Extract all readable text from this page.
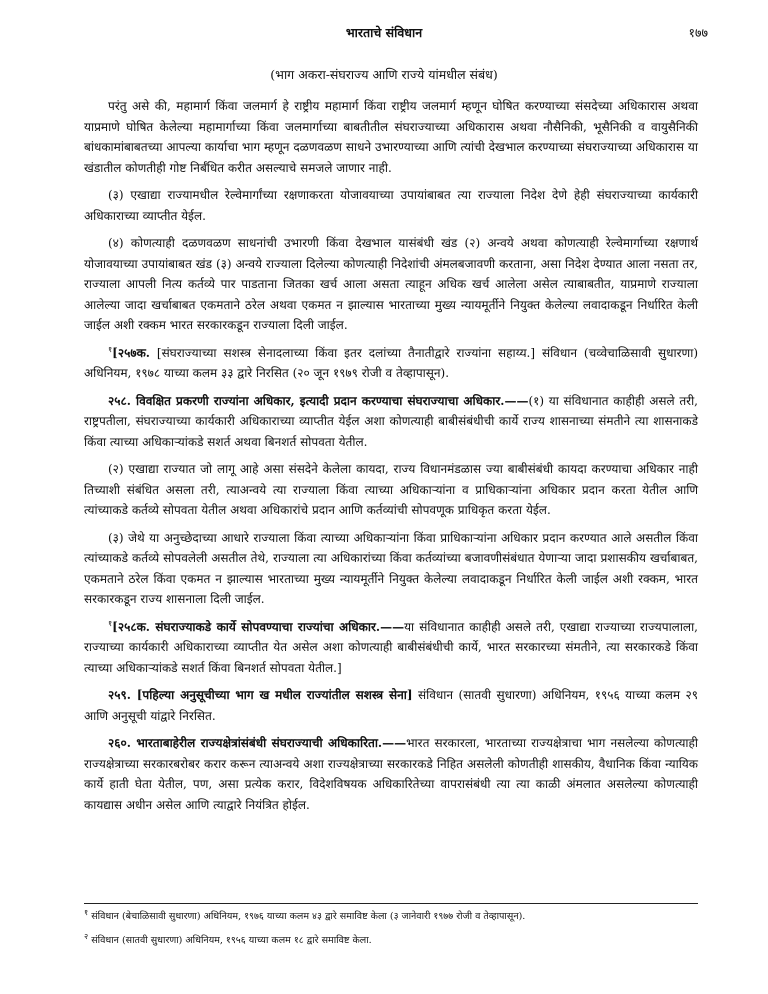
भारताचे संविधान	१७७
(भाग अकरा-संघराज्य आणि राज्ये यांमधील संबंध)

परंतु असे की, महामार्ग किंवा जलमार्ग हे राष्ट्रीय महामार्ग किंवा राष्ट्रीय जलमार्ग म्हणून घोषित करण्याच्या संसदेच्या अधिकारास अथवा याप्रमाणे घोषित केलेल्या महामार्गाच्या किंवा जलमार्गाच्या बाबतीतील संघराज्याच्या अधिकारास अथवा नौसैनिकी, भूसैनिकी व वायुसैनिकी बांधकामांबाबतच्या आपल्या कार्याचा भाग म्हणून दळणवळण साधने उभारण्याच्या आणि त्यांची देखभाल करण्याच्या संघराज्याच्या अधिकारास या खंडातील कोणतीही गोष्ट निर्बंधित करीत असल्याचे समजले जाणार नाही.

(३) एखाद्या राज्यामधील रेल्वेमार्गांच्या रक्षणाकरता योजावयाच्या उपायांबाबत त्या राज्याला निदेश देणे हेही संघराज्याच्या कार्यकारी अधिकाराच्या व्याप्तीत येईल.

(४) कोणत्याही दळणवळण साधनांची उभारणी किंवा देखभाल यासंबंधी खंड (२) अन्वये अथवा कोणत्याही रेल्वेमार्गाच्या रक्षणार्थ योजावयाच्या उपायांबाबत खंड (३) अन्वये राज्याला दिलेल्या कोणत्याही निदेशांची अंमलबजावणी करताना, असा निदेश देण्यात आला नसता तर, राज्याला आपली नित्य कर्तव्ये पार पाडताना जितका खर्च आला असता त्याहून अधिक खर्च आलेला असेल त्याबाबतीत, याप्रमाणे राज्याला आलेल्या जादा खर्चाबाबत एकमताने ठरेल अथवा एकमत न झाल्यास भारताच्या मुख्य न्यायमूर्तीने नियुक्त केलेल्या लवादाकडून निर्धारित केली जाईल अशी रक्कम भारत सरकारकडून राज्याला दिली जाईल.

$^१$[२५७क. [संघराज्याच्या सशस्त्र सेनादलाच्या किंवा इतर दलांच्या तैनातीद्वारे राज्यांना सहाय्य.] संविधान (चव्वेचाळिसावी सुधारणा) अधिनियम, १९७८ याच्या कलम ३३ द्वारे निरसित (२० जून १९७९ रोजी व तेव्हापासून).

२५८. विवक्षित प्रकरणी राज्यांना अधिकार, इत्यादी प्रदान करण्याचा संघराज्याचा अधिकार.——(१) या संविधानात काहीही असले तरी, राष्ट्रपतीला, संघराज्याच्या कार्यकारी अधिकाराच्या व्याप्तीत येईल अशा कोणत्याही बाबीसंबंधीची कार्ये राज्य शासनाच्या संमतीने त्या शासनाकडे किंवा त्याच्या अधिकाऱ्यांकडे सशर्त अथवा बिनशर्त सोपवता येतील.

(२) एखाद्या राज्यात जो लागू आहे असा संसदेने केलेला कायदा, राज्य विधानमंडळास ज्या बाबीसंबंधी कायदा करण्याचा अधिकार नाही तिच्याशी संबंधित असला तरी, त्याअन्वये त्या राज्याला किंवा त्याच्या अधिकाऱ्यांना व प्राधिकाऱ्यांना अधिकार प्रदान करता येतील आणि त्यांच्याकडे कर्तव्ये सोपवता येतील अथवा अधिकारांचे प्रदान आणि कर्तव्यांची सोपवणूक प्राधिकृत करता येईल.

(३) जेथे या अनुच्छेदाच्या आधारे राज्याला किंवा त्याच्या अधिकाऱ्यांना किंवा प्राधिकाऱ्यांना अधिकार प्रदान करण्यात आले असतील किंवा त्यांच्याकडे कर्तव्ये सोपवलेली असतील तेथे, राज्याला त्या अधिकारांच्या किंवा कर्तव्यांच्या बजावणीसंबंधात येणाऱ्या जादा प्रशासकीय खर्चाबाबत, एकमताने ठरेल किंवा एकमत न झाल्यास भारताच्या मुख्य न्यायमूर्तीने नियुक्त केलेल्या लवादाकडून निर्धारित केली जाईल अशी रक्कम, भारत सरकारकडून राज्य शासनाला दिली जाईल.

$^१$[२५८क. संघराज्याकडे कार्ये सोपवण्याचा राज्यांचा अधिकार.——या संविधानात काहीही असले तरी, एखाद्या राज्याच्या राज्यपालाला, राज्याच्या कार्यकारी अधिकाराच्या व्याप्तीत येत असेल अशा कोणत्याही बाबीसंबंधीची कार्ये, भारत सरकारच्या संमतीने, त्या सरकारकडे किंवा त्याच्या अधिकाऱ्यांकडे सशर्त किंवा बिनशर्त सोपवता येतील.]

२५९. [पहिल्या अनुसूचीच्या भाग ख मधील राज्यांतील सशस्त्र सेना] संविधान (सातवी सुधारणा) अधिनियम, १९५६ याच्या कलम २९ आणि अनुसूची यांद्वारे निरसित.

२६०. भारताबाहेरील राज्यक्षेत्रांसंबंधी संघराज्याची अधिकारिता.——भारत सरकारला, भारताच्या राज्यक्षेत्राचा भाग नसलेल्या कोणत्याही राज्यक्षेत्राच्या सरकारबरोबर करार करून त्याअन्वये अशा राज्यक्षेत्राच्या सरकारकडे निहित असलेली कोणतीही शासकीय, वैधानिक किंवा न्यायिक कार्ये हाती घेता येतील, पण, असा प्रत्येक करार, विदेशविषयक अधिकारितेच्या वापरासंबंधी त्या त्या काळी अंमलात असलेल्या कोणत्याही कायद्यास अधीन असेल आणि त्याद्वारे नियंत्रित होईल.

$^१$ संविधान (बेचाळिसावी सुधारणा) अधिनियम, १९७६ याच्या कलम ४३ द्वारे समाविष्ट केला (३ जानेवारी १९७७ रोजी व तेव्हापासून).

$^२$ संविधान (सातवी सुधारणा) अधिनियम, १९५६ याच्या कलम १८ द्वारे समाविष्ट केला.
